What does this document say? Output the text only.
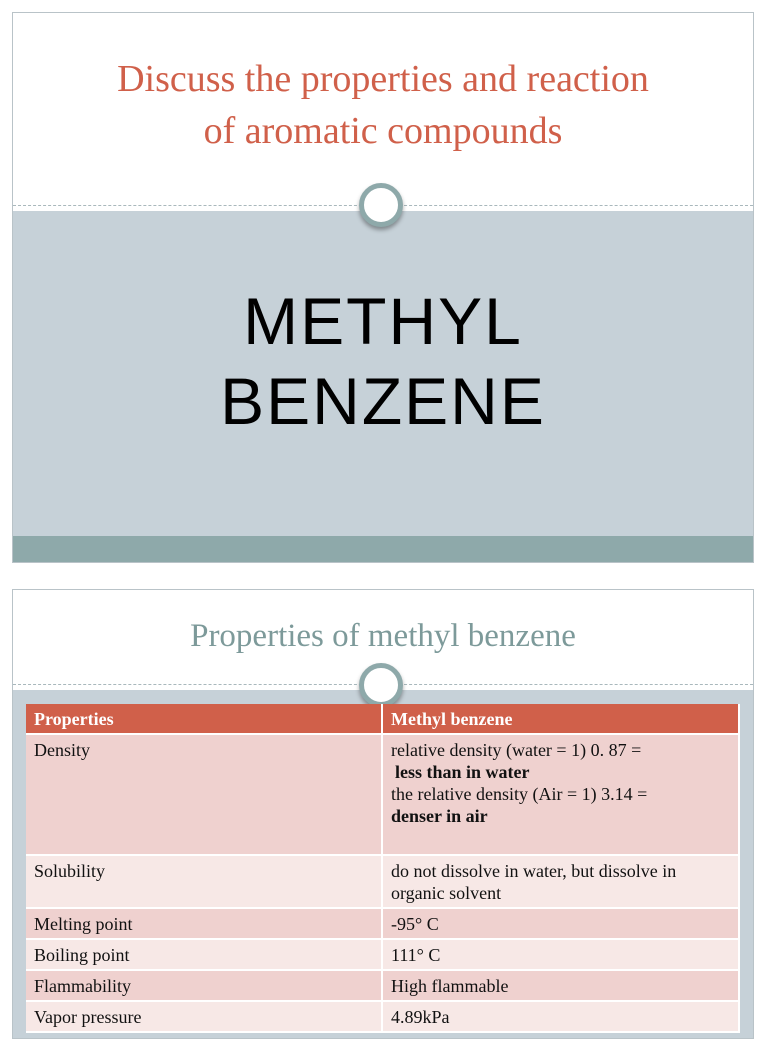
Discuss the properties and reaction
of aromatic compounds
METHYL
BENZENE
Properties of methyl benzene
Properties	Methyl benzene
Density	relative density (water = 1) 0. 87 =
less than in water
the relative density (Air = 1) 3.14 =
denser in air

Solubility	do not dissolve in water, but dissolve in organic solvent
Melting point	-95° C
Boiling point	111° C
Flammability	High flammable
Vapor pressure	4.89kPa
